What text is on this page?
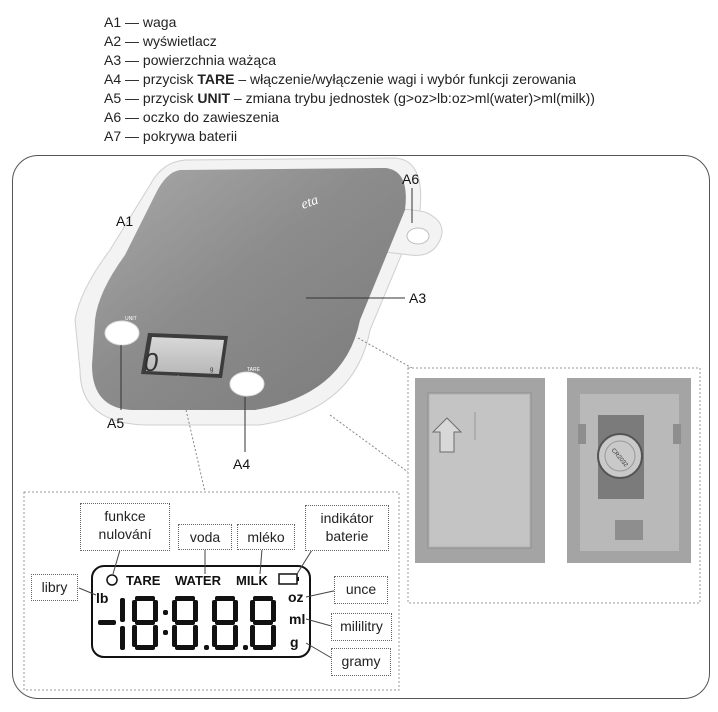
A1 — waga
A2 — wyświetlacz
A3 — powierzchnia ważąca
A4 — przycisk TARE – włączenie/wyłączenie wagi i wybór funkcji zerowania
A5 — przycisk UNIT – zmiana trybu jednostek (g>oz>lb:oz>ml(water)>ml(milk))
A6 — oczko do zawieszenia
A7 — pokrywa baterii
eta
0	g
UNIT
TARE
A1
A6
A3
A5
A4	CR2032
TARE WATER MILK
lb	oz
ml
g
funkce
nulování	voda	mléko
indikátor
baterie
libry	unce
mililitry
gramy
